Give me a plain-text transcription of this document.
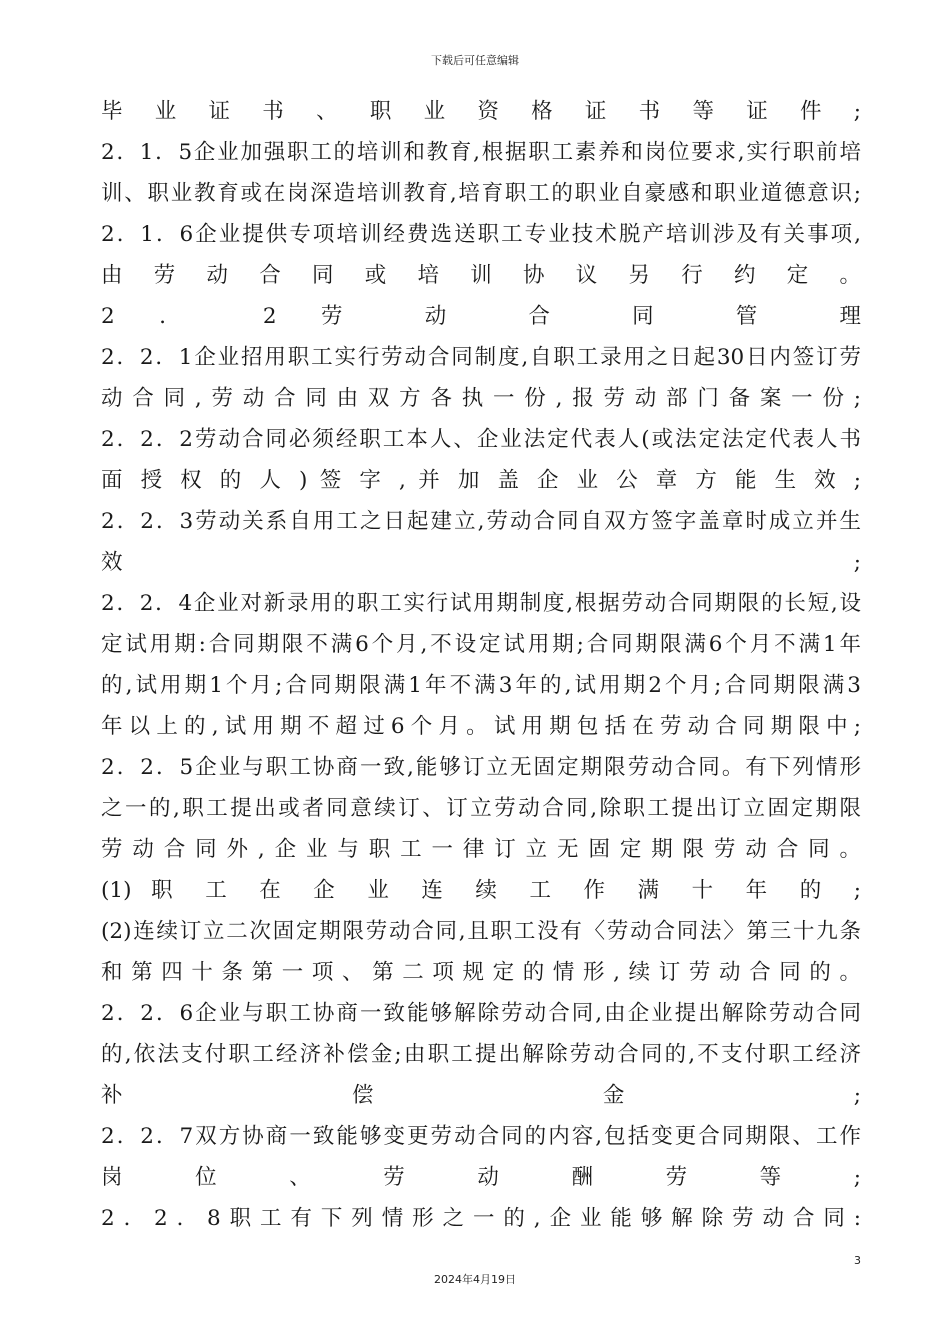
下载后可任意编辑
毕 业 证 书 、 职 业 资 格 证 书 等 证 件 ;
2．1．5企业加强职工的培训和教育,根据职工素养和岗位要求,实行职前培
训、职业教育或在岗深造培训教育,培育职工的职业自豪感和职业道德意识;
2．1．6企业提供专项培训经费选送职工专业技术脱产培训涉及有关事项,
由 劳 动 合 同 或 培 训 协 议 另 行 约 定 。
2 ． 2 劳 动 合 同 管 理
2．2．1企业招用职工实行劳动合同制度,自职工录用之日起30日内签订劳
动合同,劳动合同由双方各执一份,报劳动部门备案一份;
2．2．2劳动合同必须经职工本人、企业法定代表人(或法定法定代表人书
面 授 权 的 人 ) 签 字 , 并 加 盖 企 业 公 章 方 能 生 效 ;
2．2．3劳动关系自用工之日起建立,劳动合同自双方签字盖章时成立并生
效 ;
2．2．4企业对新录用的职工实行试用期制度,根据劳动合同期限的长短,设
定试用期:合同期限不满6个月,不设定试用期;合同期限满6个月不满1年
的,试用期1个月;合同期限满1年不满3年的,试用期2个月;合同期限满3
年以上的,试用期不超过6个月。试用期包括在劳动合同期限中;
2．2．5企业与职工协商一致,能够订立无固定期限劳动合同。有下列情形
之一的,职工提出或者同意续订、订立劳动合同,除职工提出订立固定期限
劳动合同外,企业与职工一律订立无固定期限劳动合同。
(1) 职 工 在 企 业 连 续 工 作 满 十 年 的 ;
(2)连续订立二次固定期限劳动合同,且职工没有〈劳动合同法〉第三十九条
和第四十条第一项、第二项规定的情形,续订劳动合同的。
2．2．6企业与职工协商一致能够解除劳动合同,由企业提出解除劳动合同
的,依法支付职工经济补偿金;由职工提出解除劳动合同的,不支付职工经济
补 偿 金 ;
2．2．7双方协商一致能够变更劳动合同的内容,包括变更合同期限、工作
岗 位 、 劳 动 酬 劳 等 ;
2．2．8职工有下列情形之一的,企业能够解除劳动合同:
3
2024年4月19日
